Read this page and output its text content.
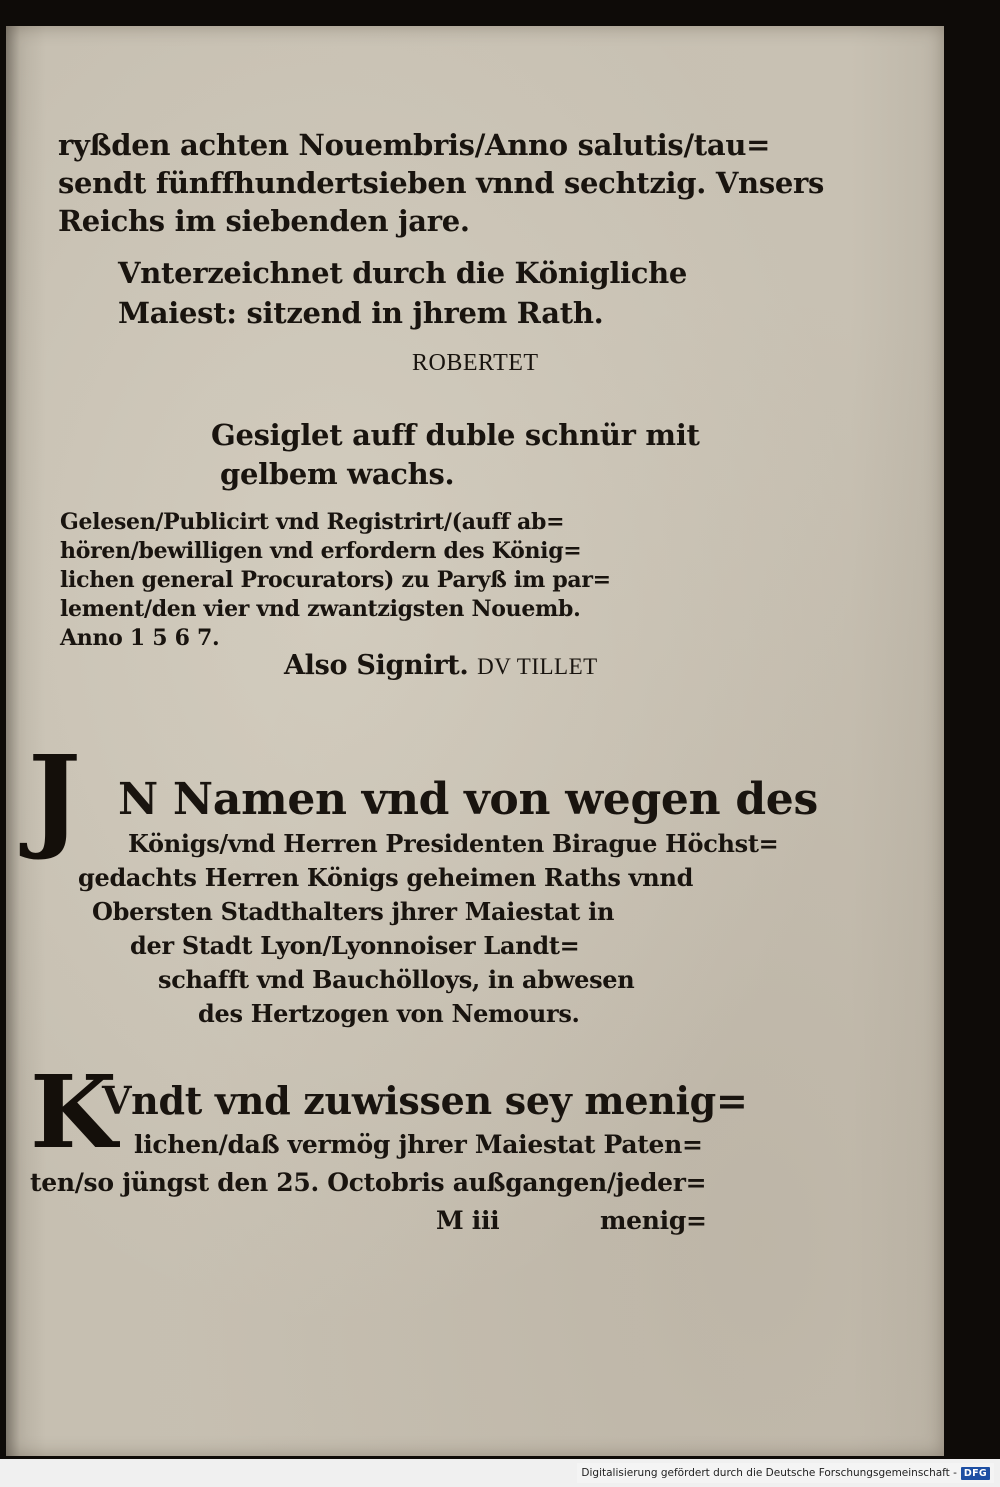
ryßden achten Nouembris/Anno salutis/tau=
sendt fünffhundertsieben vnnd sechtzig. Vnsers
Reichs im siebenden jare.
Vnterzeichnet durch die Königliche
Maiest: sitzend in jhrem Rath.
ROBERTET
Gesiglet auff duble schnür mit
gelbem wachs.
Gelesen/Publicirt vnd Registrirt/(auff ab=
hören/bewilligen vnd erfordern des König=
lichen general Procurators) zu Paryß im par=
lement/den vier vnd zwantzigsten Nouemb.
Anno 1 5 6 7.
Also Signirt. DV TILLET
J N Namen vnd von wegen des
Königs/vnd Herren Presidenten Birague Höchst=
gedachts Herren Königs geheimen Raths vnnd
Obersten Stadthalters jhrer Maiestat in
der Stadt Lyon/Lyonnoiser Landt=
schafft vnd Bauchölloys, in abwesen
des Hertzogen von Nemours.
K
Vndt vnd zuwissen sey menig=
lichen/daß vermög jhrer Maiestat Paten=
ten/so jüngst den 25. Octobris außgangen/jeder=
M iii	menig=
Digitalisierung gefördert durch die Deutsche Forschungsgemeinschaft - DFG
